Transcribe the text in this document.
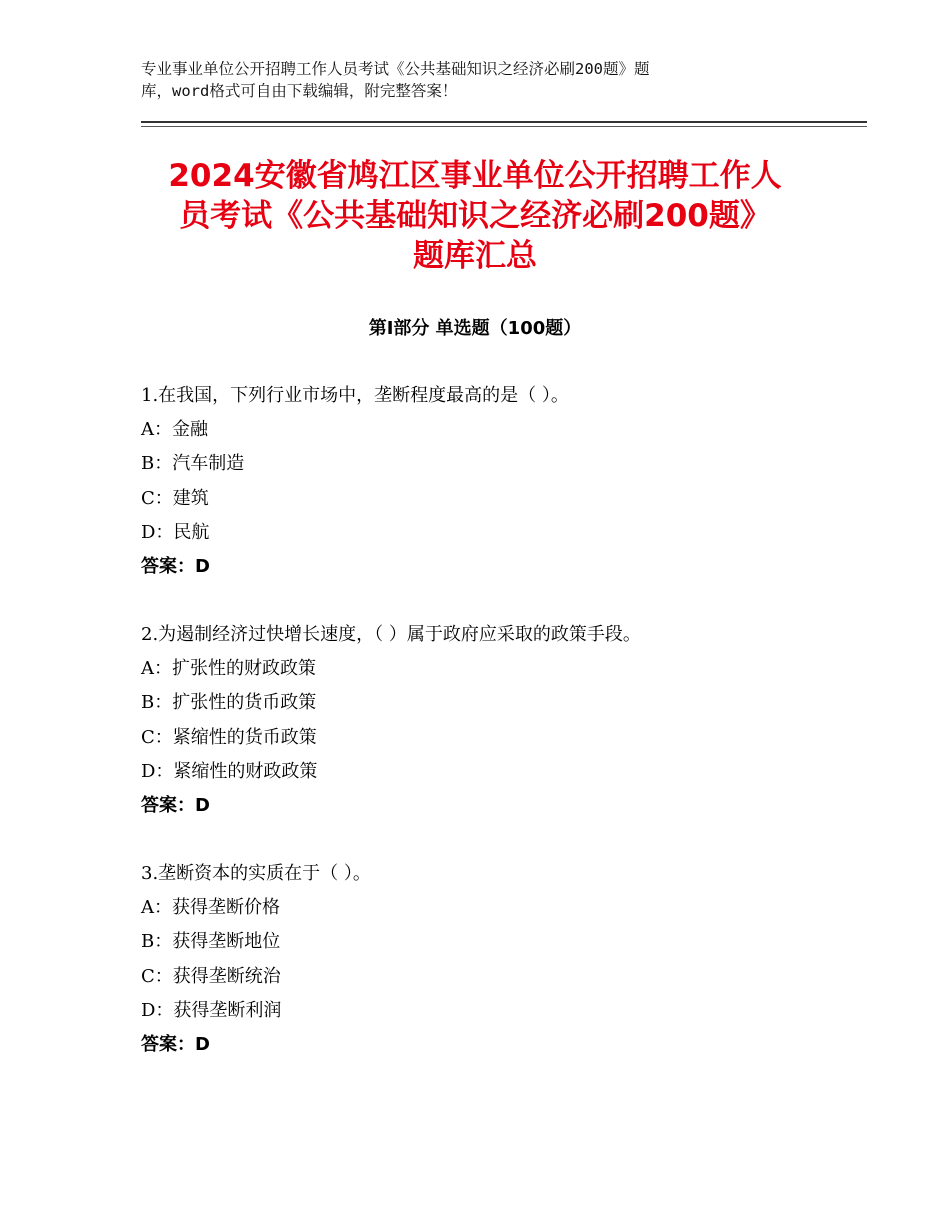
专业事业单位公开招聘工作人员考试《公共基础知识之经济必刷200题》题
库，word格式可自由下载编辑，附完整答案！
2024安徽省鸠江区事业单位公开招聘工作人
员考试《公共基础知识之经济必刷200题》
题库汇总
第Ⅰ部分 单选题（100题）
1.在我国，下列行业市场中，垄断程度最高的是（ ）。
A：金融
B：汽车制造
C：建筑
D：民航
答案：D
2.为遏制经济过快增长速度，（ ）属于政府应采取的政策手段。
A：扩张性的财政政策
B：扩张性的货币政策
C：紧缩性的货币政策
D：紧缩性的财政政策
答案：D
3.垄断资本的实质在于（ ）。
A：获得垄断价格
B：获得垄断地位
C：获得垄断统治
D：获得垄断利润
答案：D
